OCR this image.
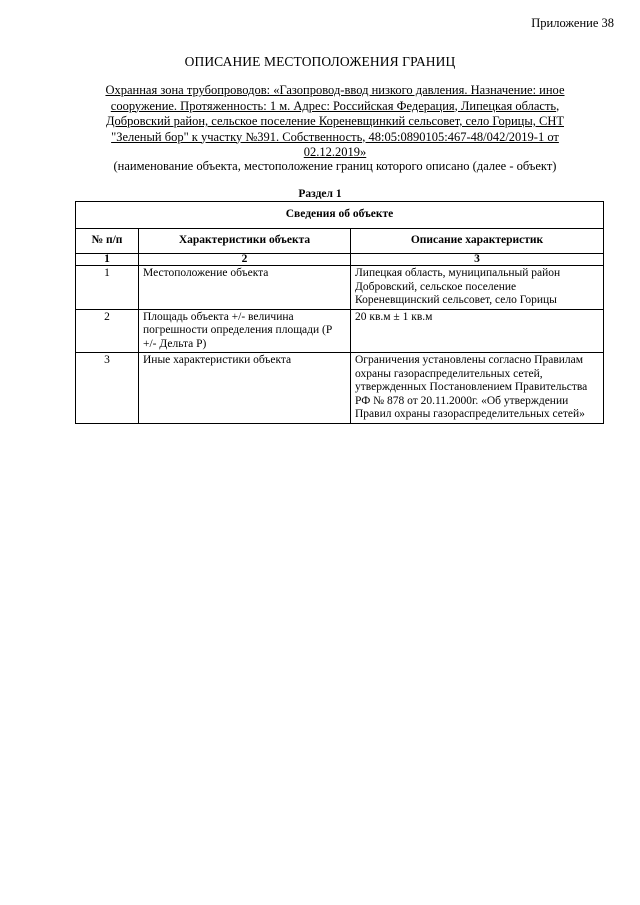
Приложение 38
ОПИСАНИЕ МЕСТОПОЛОЖЕНИЯ ГРАНИЦ
Охранная зона трубопроводов: «Газопровод-ввод низкого давления. Назначение: иное сооружение. Протяженность: 1 м. Адрес: Российская Федерация, Липецкая область, Добровский район, сельское поселение Кореневщинкий сельсовет, село Горицы, СНТ "Зеленый бор" к участку №391. Собственность, 48:05:0890105:467-48/042/2019-1 от 02.12.2019»
(наименование объекта, местоположение границ которого описано (далее - объект)
Раздел 1
Сведения об объекте		
№ п/п	Характеристики объекта	Описание характеристик
1	2	3
1	Местоположение объекта	Липецкая область, муниципальный район Добровский, сельское поселение Кореневщинский сельсовет, село Горицы
2	Площадь объекта +/- величина погрешности определения площади (Р +/- Дельта Р)	20 кв.м ± 1 кв.м
3	Иные характеристики объекта	Ограничения установлены согласно Правилам охраны газораспределительных сетей, утвержденных Постановлением Правительства РФ № 878 от 20.11.2000г. «Об утверждении Правил охраны газораспределительных сетей»
